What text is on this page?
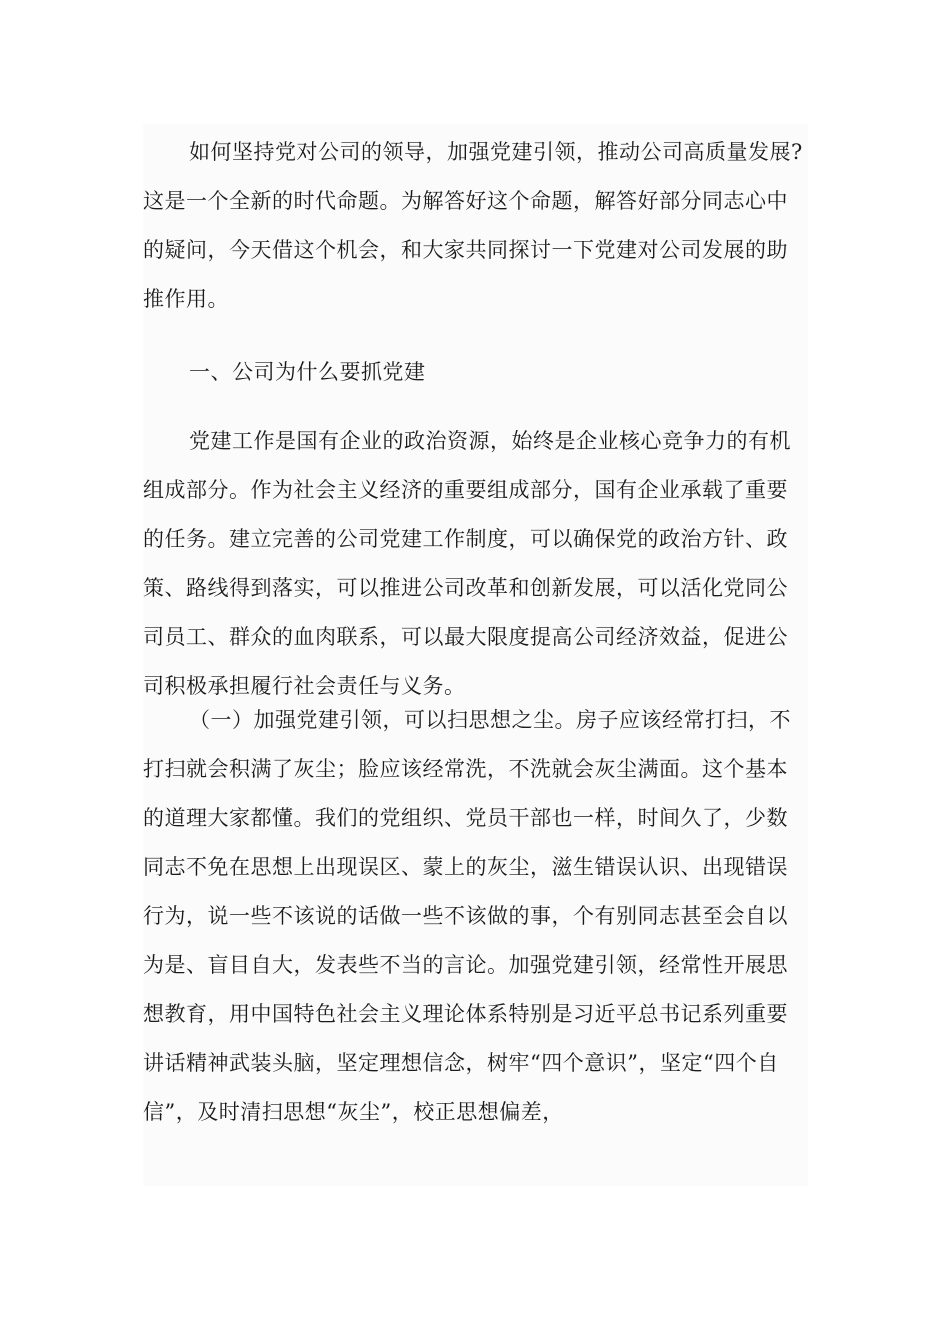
如何坚持党对公司的领导，加强党建引领，推动公司高质量发展?这是一个全新的时代命题。为解答好这个命题，解答好部分同志心中的疑问，今天借这个机会，和大家共同探讨一下党建对公司发展的助推作用。

一、公司为什么要抓党建

党建工作是国有企业的政治资源，始终是企业核心竞争力的有机组成部分。作为社会主义经济的重要组成部分，国有企业承载了重要的任务。建立完善的公司党建工作制度，可以确保党的政治方针、政策、路线得到落实，可以推进公司改革和创新发展，可以活化党同公司员工、群众的血肉联系，可以最大限度提高公司经济效益，促进公司积极承担履行社会责任与义务。

（一）加强党建引领，可以扫思想之尘。房子应该经常打扫，不打扫就会积满了灰尘；脸应该经常洗，不洗就会灰尘满面。这个基本的道理大家都懂。我们的党组织、党员干部也一样，时间久了，少数同志不免在思想上出现误区、蒙上的灰尘，滋生错误认识、出现错误行为，说一些不该说的话做一些不该做的事，个有别同志甚至会自以为是、盲目自大，发表些不当的言论。加强党建引领，经常性开展思想教育，用中国特色社会主义理论体系特别是习近平总书记系列重要讲话精神武装头脑，坚定理想信念，树牢“四个意识”，坚定“四个自信”，及时清扫思想“灰尘”，校正思想偏差，
